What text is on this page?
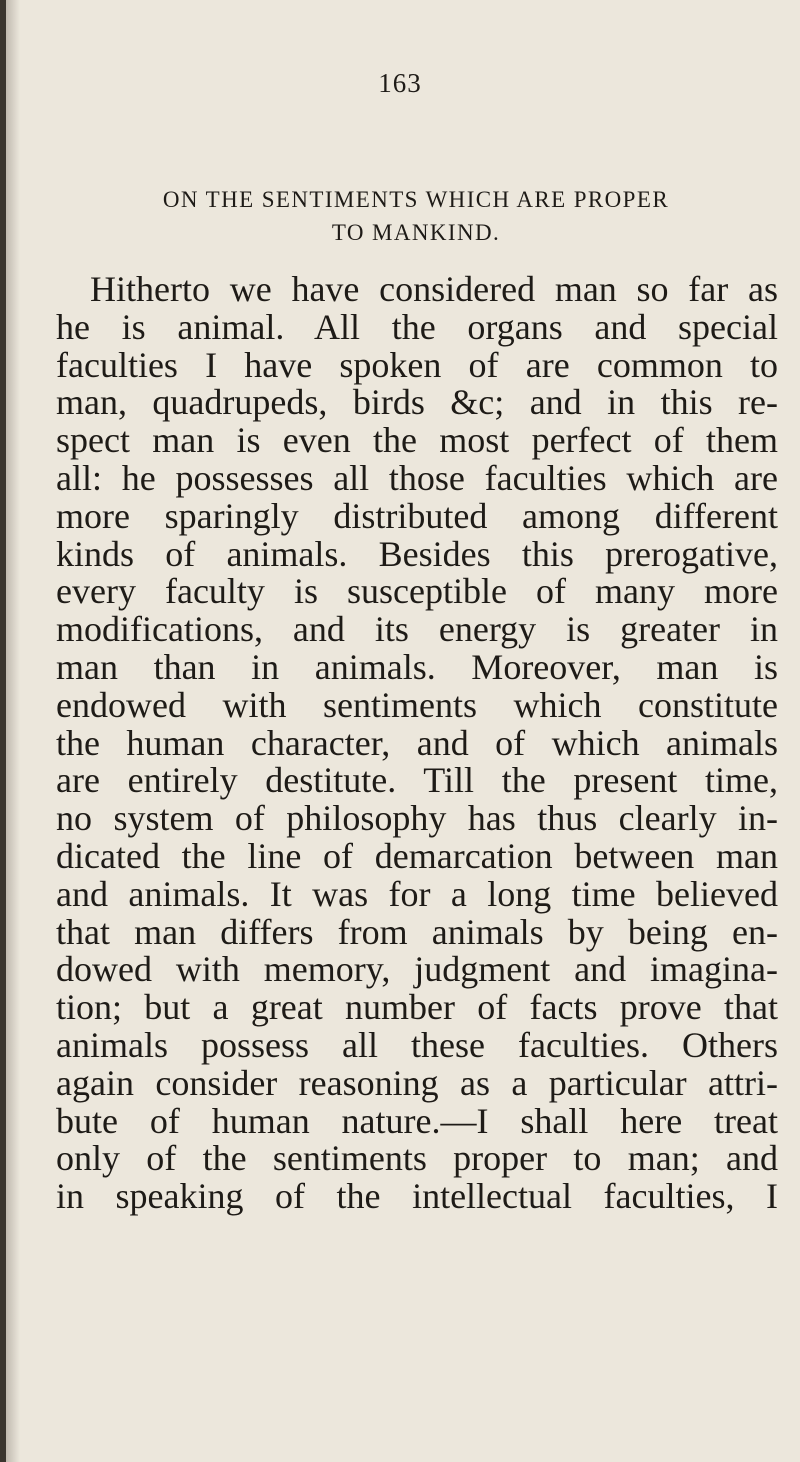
163
ON THE SENTIMENTS WHICH ARE PROPER
TO MANKIND.
Hitherto we have considered man so far as
he is animal. All the organs and special
faculties I have spoken of are common to
man, quadrupeds, birds &c; and in this re-
spect man is even the most perfect of them
all: he possesses all those faculties which are
more sparingly distributed among different
kinds of animals. Besides this prerogative,
every faculty is susceptible of many more
modifications, and its energy is greater in
man than in animals. Moreover, man is
endowed with sentiments which constitute
the human character, and of which animals
are entirely destitute. Till the present time,
no system of philosophy has thus clearly in-
dicated the line of demarcation between man
and animals. It was for a long time believed
that man differs from animals by being en-
dowed with memory, judgment and imagina-
tion; but a great number of facts prove that
animals possess all these faculties. Others
again consider reasoning as a particular attri-
bute of human nature.—I shall here treat
only of the sentiments proper to man; and
in speaking of the intellectual faculties, I
